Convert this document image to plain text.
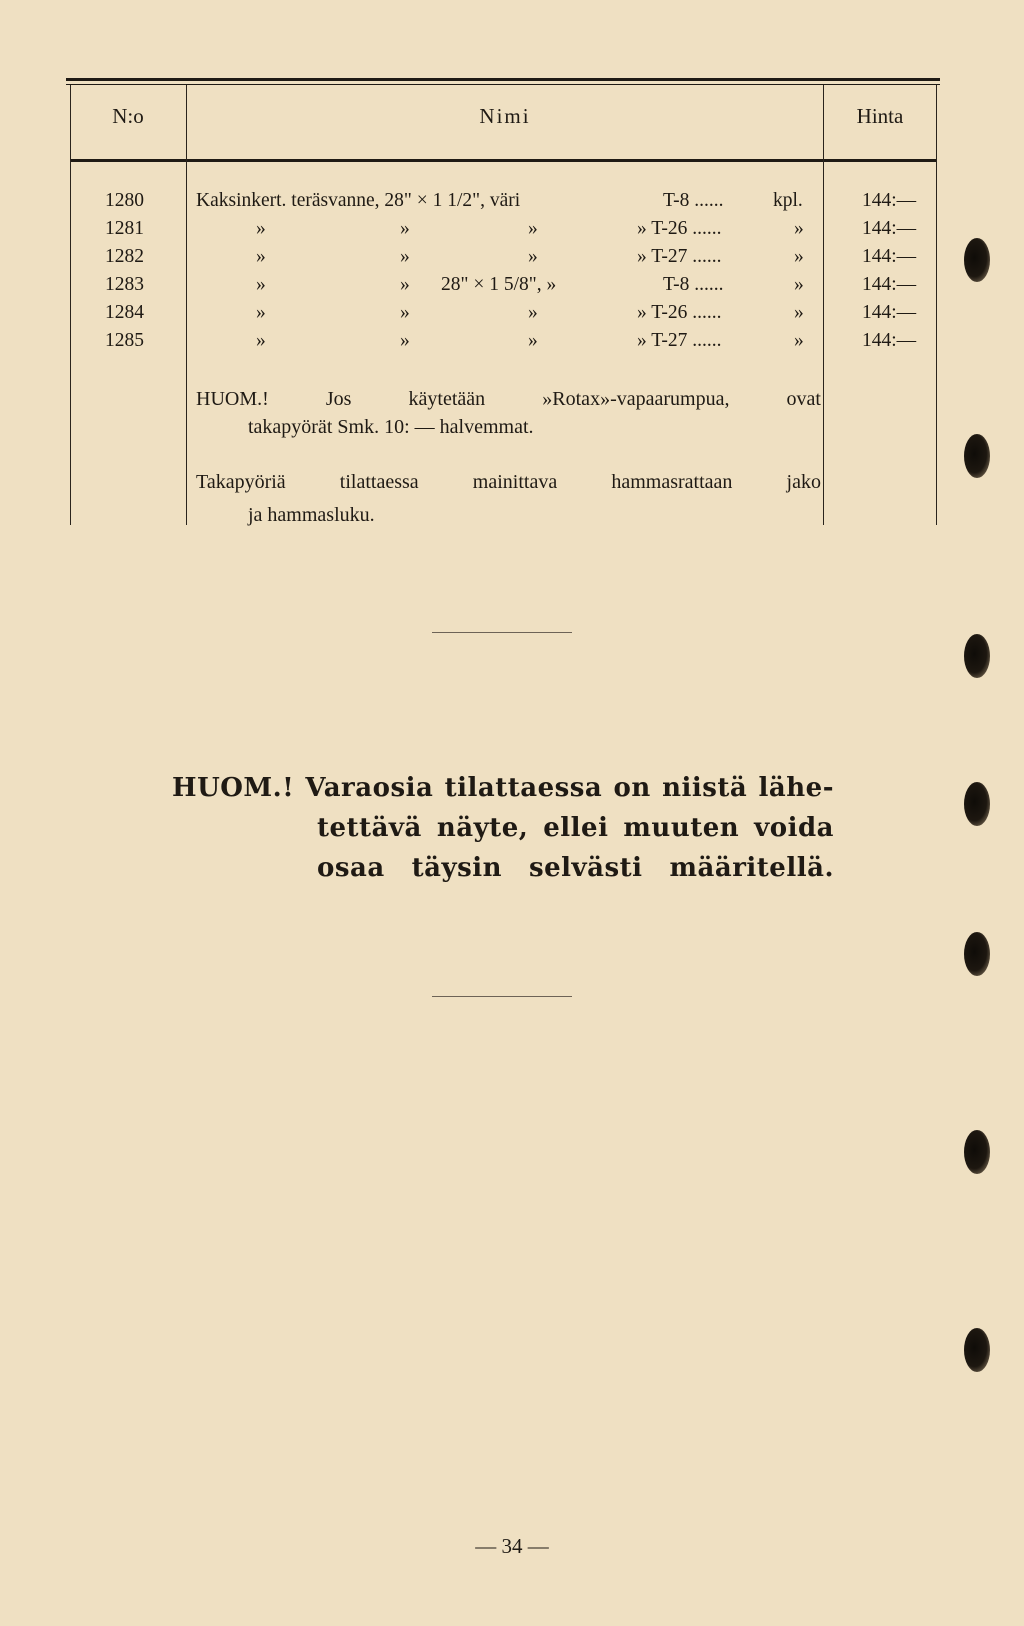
N:o	Nimi	Hinta
1280	Kaksinkert. teräsvanne, 28" × 1 1/2", väri	T-8 ......	kpl.	144:—
1281	»	»	»	» T-26 ......	»	144:—
1282	»	»	»	» T-27 ......	»	144:—
1283	»	» 28" × 1 5/8", »	T-8 ......	»	144:—
1284	»	»	»	» T-26 ......	»	144:—
1285	»	»	»	» T-27 ......	»	144:—
HUOM.! Jos käytetään »Rotax»-vapaarumpua, ovat
takapyörät Smk. 10: — halvemmat.
Takapyöriä tilattaessa mainittava hammasrattaan jako
ja hammasluku.
HUOM.! Varaosia tilattaessa on niistä lähe-
tettävä näyte, ellei muuten voida
osaa täysin selvästi määritellä.
— 34 —
